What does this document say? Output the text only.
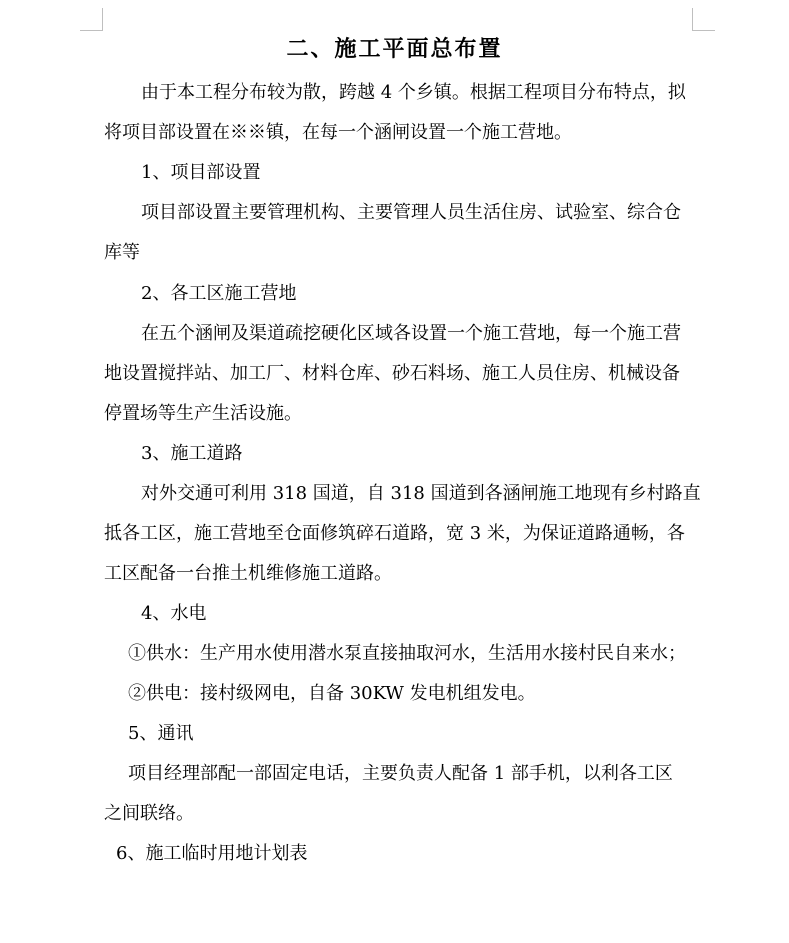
二、施工平面总布置
由于本工程分布较为散，跨越 4 个乡镇。根据工程项目分布特点，拟
将项目部设置在※※镇，在每一个涵闸设置一个施工营地。
1、项目部设置
项目部设置主要管理机构、主要管理人员生活住房、试验室、综合仓
库等
2、各工区施工营地
在五个涵闸及渠道疏挖硬化区域各设置一个施工营地，每一个施工营
地设置搅拌站、加工厂、材料仓库、砂石料场、施工人员住房、机械设备
停置场等生产生活设施。
3、施工道路
对外交通可利用 318 国道，自 318 国道到各涵闸施工地现有乡村路直
抵各工区，施工营地至仓面修筑碎石道路，宽 3 米，为保证道路通畅，各
工区配备一台推土机维修施工道路。
4、水电
①供水：生产用水使用潜水泵直接抽取河水，生活用水接村民自来水；
②供电：接村级网电，自备 30KW 发电机组发电。
5、通讯
项目经理部配一部固定电话，主要负责人配备 1 部手机，以利各工区
之间联络。
6、施工临时用地计划表
